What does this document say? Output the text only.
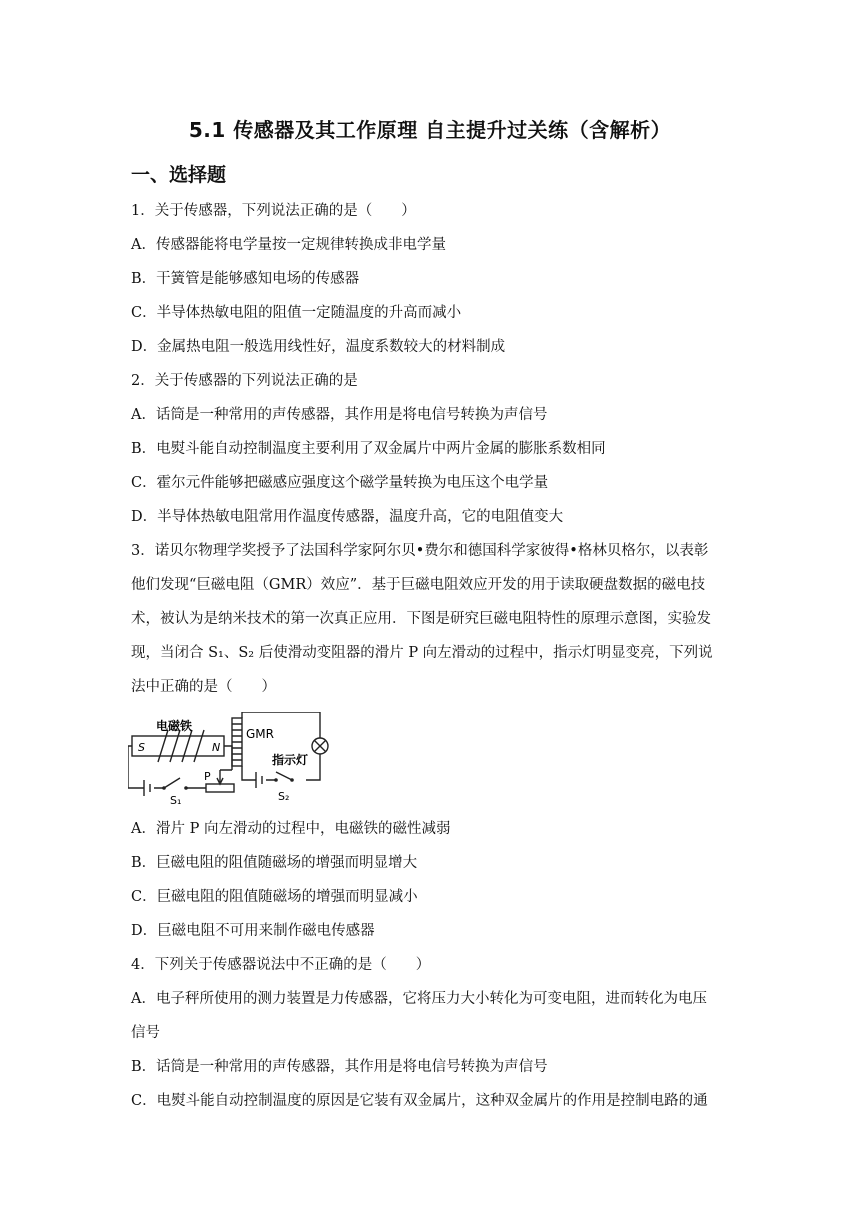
5.1 传感器及其工作原理 自主提升过关练（含解析）
一、选择题
1．关于传感器，下列说法正确的是（　　）
A．传感器能将电学量按一定规律转换成非电学量
B．干簧管是能够感知电场的传感器
C．半导体热敏电阻的阻值一定随温度的升高而减小
D．金属热电阻一般选用线性好，温度系数较大的材料制成
2．关于传感器的下列说法正确的是
A．话筒是一种常用的声传感器，其作用是将电信号转换为声信号
B．电熨斗能自动控制温度主要利用了双金属片中两片金属的膨胀系数相同
C．霍尔元件能够把磁感应强度这个磁学量转换为电压这个电学量
D．半导体热敏电阻常用作温度传感器，温度升高，它的电阻值变大
3．诺贝尔物理学奖授予了法国科学家阿尔贝•费尔和德国科学家彼得•格林贝格尔，以表彰
他们发现“巨磁电阻（GMR）效应”．基于巨磁电阻效应开发的用于读取硬盘数据的磁电技
术，被认为是纳米技术的第一次真正应用．下图是研究巨磁电阻特性的原理示意图，实验发
现，当闭合 S₁、S₂ 后使滑动变阻器的滑片 P 向左滑动的过程中，指示灯明显变亮，下列说
法中正确的是（　　）
电磁铁
S	N
GMR
指示灯
P
S₁	S₂
A．滑片 P 向左滑动的过程中，电磁铁的磁性减弱
B．巨磁电阻的阻值随磁场的增强而明显增大
C．巨磁电阻的阻值随磁场的增强而明显减小
D．巨磁电阻不可用来制作磁电传感器
4．下列关于传感器说法中不正确的是（　　）
A．电子秤所使用的测力装置是力传感器，它将压力大小转化为可变电阻，进而转化为电压
信号
B．话筒是一种常用的声传感器，其作用是将电信号转换为声信号
C．电熨斗能自动控制温度的原因是它装有双金属片，这种双金属片的作用是控制电路的通
